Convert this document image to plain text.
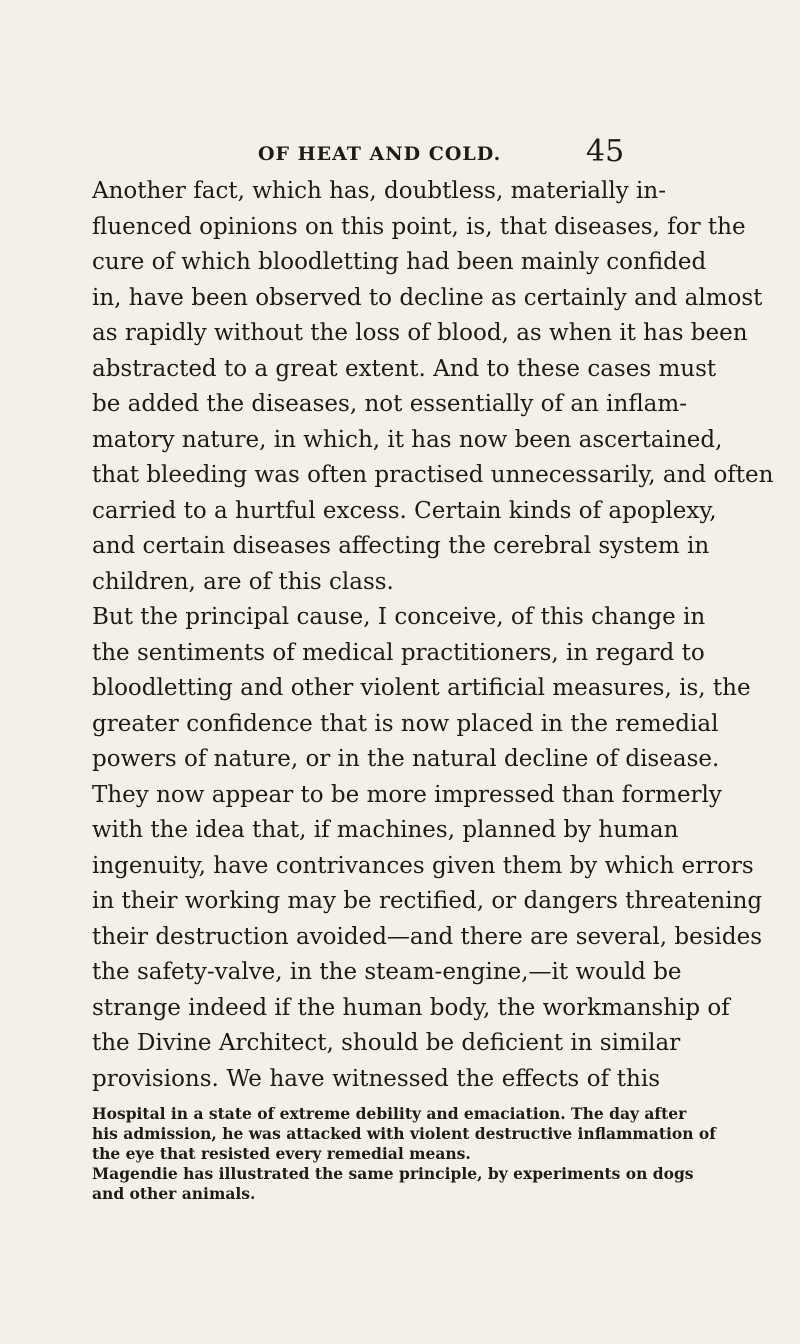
OF HEAT AND COLD.	45
Another fact, which has, doubtless, materially in-
fluenced opinions on this point, is, that diseases, for the
cure of which bloodletting had been mainly confided
in, have been observed to decline as certainly and almost
as rapidly without the loss of blood, as when it has been
abstracted to a great extent. And to these cases must
be added the diseases, not essentially of an inflam-
matory nature, in which, it has now been ascertained,
that bleeding was often practised unnecessarily, and often
carried to a hurtful excess. Certain kinds of apoplexy,
and certain diseases affecting the cerebral system in
children, are of this class.
But the principal cause, I conceive, of this change in
the sentiments of medical practitioners, in regard to
bloodletting and other violent artificial measures, is, the
greater confidence that is now placed in the remedial
powers of nature, or in the natural decline of disease.
They now appear to be more impressed than formerly
with the idea that, if machines, planned by human
ingenuity, have contrivances given them by which errors
in their working may be rectified, or dangers threatening
their destruction avoided—and there are several, besides
the safety-valve, in the steam-engine,—it would be
strange indeed if the human body, the workmanship of
the Divine Architect, should be deficient in similar
provisions. We have witnessed the effects of this
Hospital in a state of extreme debility and emaciation. The day after
his admission, he was attacked with violent destructive inflammation of
the eye that resisted every remedial means.
Magendie has illustrated the same principle, by experiments on dogs
and other animals.
